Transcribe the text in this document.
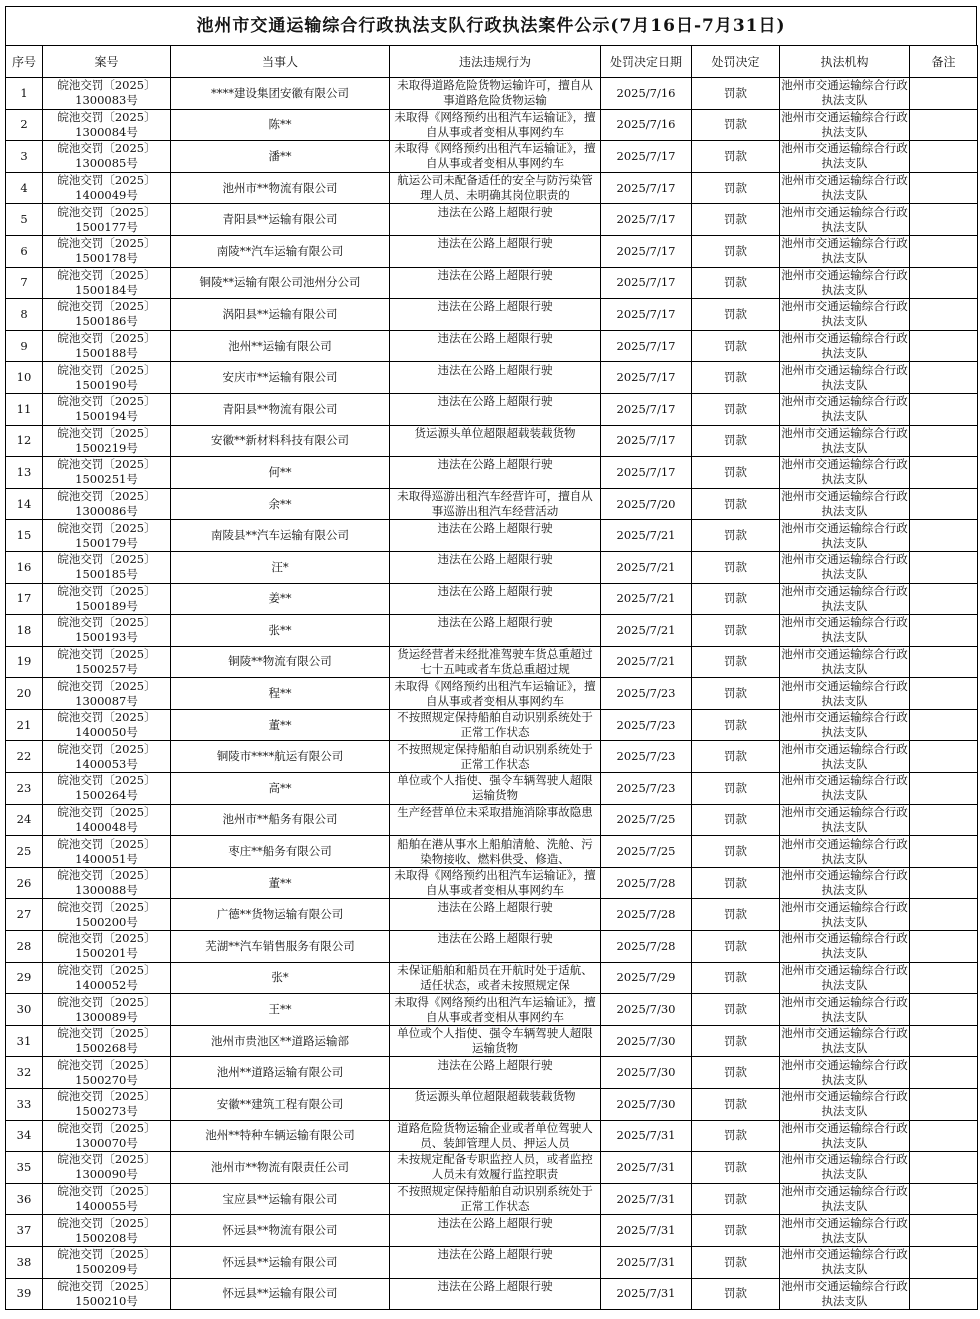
池州市交通运输综合行政执法支队行政执法案件公示(7月16日-7月31日)
序号	案号	当事人	违法违规行为	处罚决定日期	处罚决定	执法机构	备注

1	皖池交罚〔2025〕1300083号	****建设集团安徽有限公司	未取得道路危险货物运输许可，擅自从事道路危险货物运输	2025/7/16	罚款	池州市交通运输综合行政执法支队	

2	皖池交罚〔2025〕1300084号	陈**	未取得《网络预约出租汽车运输证》，擅自从事或者变相从事网约车	2025/7/16	罚款	池州市交通运输综合行政执法支队	

3	皖池交罚〔2025〕1300085号	潘**	未取得《网络预约出租汽车运输证》，擅自从事或者变相从事网约车	2025/7/17	罚款	池州市交通运输综合行政执法支队	

4	皖池交罚〔2025〕1400049号	池州市**物流有限公司	航运公司未配备适任的安全与防污染管理人员、未明确其岗位职责的	2025/7/17	罚款	池州市交通运输综合行政执法支队	

5	皖池交罚〔2025〕1500177号	青阳县**运输有限公司	违法在公路上超限行驶	2025/7/17	罚款	池州市交通运输综合行政执法支队	

6	皖池交罚〔2025〕1500178号	南陵**汽车运输有限公司	违法在公路上超限行驶	2025/7/17	罚款	池州市交通运输综合行政执法支队	

7	皖池交罚〔2025〕1500184号	铜陵**运输有限公司池州分公司	违法在公路上超限行驶	2025/7/17	罚款	池州市交通运输综合行政执法支队	

8	皖池交罚〔2025〕1500186号	涡阳县**运输有限公司	违法在公路上超限行驶	2025/7/17	罚款	池州市交通运输综合行政执法支队	

9	皖池交罚〔2025〕1500188号	池州**运输有限公司	违法在公路上超限行驶	2025/7/17	罚款	池州市交通运输综合行政执法支队	

10	皖池交罚〔2025〕1500190号	安庆市**运输有限公司	违法在公路上超限行驶	2025/7/17	罚款	池州市交通运输综合行政执法支队	

11	皖池交罚〔2025〕1500194号	青阳县**物流有限公司	违法在公路上超限行驶	2025/7/17	罚款	池州市交通运输综合行政执法支队	

12	皖池交罚〔2025〕1500219号	安徽**新材料科技有限公司	货运源头单位超限超载装载货物	2025/7/17	罚款	池州市交通运输综合行政执法支队	

13	皖池交罚〔2025〕1500251号	何**	违法在公路上超限行驶	2025/7/17	罚款	池州市交通运输综合行政执法支队	

14	皖池交罚〔2025〕1300086号	余**	未取得巡游出租汽车经营许可，擅自从事巡游出租汽车经营活动	2025/7/20	罚款	池州市交通运输综合行政执法支队	

15	皖池交罚〔2025〕1500179号	南陵县**汽车运输有限公司	违法在公路上超限行驶	2025/7/21	罚款	池州市交通运输综合行政执法支队	

16	皖池交罚〔2025〕1500185号	汪*	违法在公路上超限行驶	2025/7/21	罚款	池州市交通运输综合行政执法支队	

17	皖池交罚〔2025〕1500189号	姜**	违法在公路上超限行驶	2025/7/21	罚款	池州市交通运输综合行政执法支队	

18	皖池交罚〔2025〕1500193号	张**	违法在公路上超限行驶	2025/7/21	罚款	池州市交通运输综合行政执法支队	

19	皖池交罚〔2025〕1500257号	铜陵**物流有限公司	货运经营者未经批准驾驶车货总重超过七十五吨或者车货总重超过规	2025/7/21	罚款	池州市交通运输综合行政执法支队	

20	皖池交罚〔2025〕1300087号	程**	未取得《网络预约出租汽车运输证》，擅自从事或者变相从事网约车	2025/7/23	罚款	池州市交通运输综合行政执法支队	

21	皖池交罚〔2025〕1400050号	董**	不按照规定保持船舶自动识别系统处于正常工作状态	2025/7/23	罚款	池州市交通运输综合行政执法支队	

22	皖池交罚〔2025〕1400053号	铜陵市****航运有限公司	不按照规定保持船舶自动识别系统处于正常工作状态	2025/7/23	罚款	池州市交通运输综合行政执法支队	

23	皖池交罚〔2025〕1500264号	高**	单位或个人指使、强令车辆驾驶人超限运输货物	2025/7/23	罚款	池州市交通运输综合行政执法支队	

24	皖池交罚〔2025〕1400048号	池州市**船务有限公司	生产经营单位未采取措施消除事故隐患	2025/7/25	罚款	池州市交通运输综合行政执法支队	

25	皖池交罚〔2025〕1400051号	枣庄**船务有限公司	船舶在港从事水上船舶清舱、洗舱、污染物接收、燃料供受、修造、	2025/7/25	罚款	池州市交通运输综合行政执法支队	

26	皖池交罚〔2025〕1300088号	董**	未取得《网络预约出租汽车运输证》，擅自从事或者变相从事网约车	2025/7/28	罚款	池州市交通运输综合行政执法支队	

27	皖池交罚〔2025〕1500200号	广德**货物运输有限公司	违法在公路上超限行驶	2025/7/28	罚款	池州市交通运输综合行政执法支队	

28	皖池交罚〔2025〕1500201号	芜湖**汽车销售服务有限公司	违法在公路上超限行驶	2025/7/28	罚款	池州市交通运输综合行政执法支队	

29	皖池交罚〔2025〕1400052号	张*	未保证船舶和船员在开航时处于适航、适任状态，或者未按照规定保	2025/7/29	罚款	池州市交通运输综合行政执法支队	

30	皖池交罚〔2025〕1300089号	王**	未取得《网络预约出租汽车运输证》，擅自从事或者变相从事网约车	2025/7/30	罚款	池州市交通运输综合行政执法支队	

31	皖池交罚〔2025〕1500268号	池州市贵池区**道路运输部	单位或个人指使、强令车辆驾驶人超限运输货物	2025/7/30	罚款	池州市交通运输综合行政执法支队	

32	皖池交罚〔2025〕1500270号	池州**道路运输有限公司	违法在公路上超限行驶	2025/7/30	罚款	池州市交通运输综合行政执法支队	

33	皖池交罚〔2025〕1500273号	安徽**建筑工程有限公司	货运源头单位超限超载装载货物	2025/7/30	罚款	池州市交通运输综合行政执法支队	

34	皖池交罚〔2025〕1300070号	池州**特种车辆运输有限公司	道路危险货物运输企业或者单位驾驶人员、装卸管理人员、押运人员	2025/7/31	罚款	池州市交通运输综合行政执法支队	

35	皖池交罚〔2025〕1300090号	池州市**物流有限责任公司	未按规定配备专职监控人员，或者监控人员未有效履行监控职责	2025/7/31	罚款	池州市交通运输综合行政执法支队	

36	皖池交罚〔2025〕1400055号	宝应县**运输有限公司	不按照规定保持船舶自动识别系统处于正常工作状态	2025/7/31	罚款	池州市交通运输综合行政执法支队	

37	皖池交罚〔2025〕1500208号	怀远县**物流有限公司	违法在公路上超限行驶	2025/7/31	罚款	池州市交通运输综合行政执法支队	

38	皖池交罚〔2025〕1500209号	怀远县**运输有限公司	违法在公路上超限行驶	2025/7/31	罚款	池州市交通运输综合行政执法支队	

39	皖池交罚〔2025〕1500210号	怀远县**运输有限公司	违法在公路上超限行驶	2025/7/31	罚款	池州市交通运输综合行政执法支队	
